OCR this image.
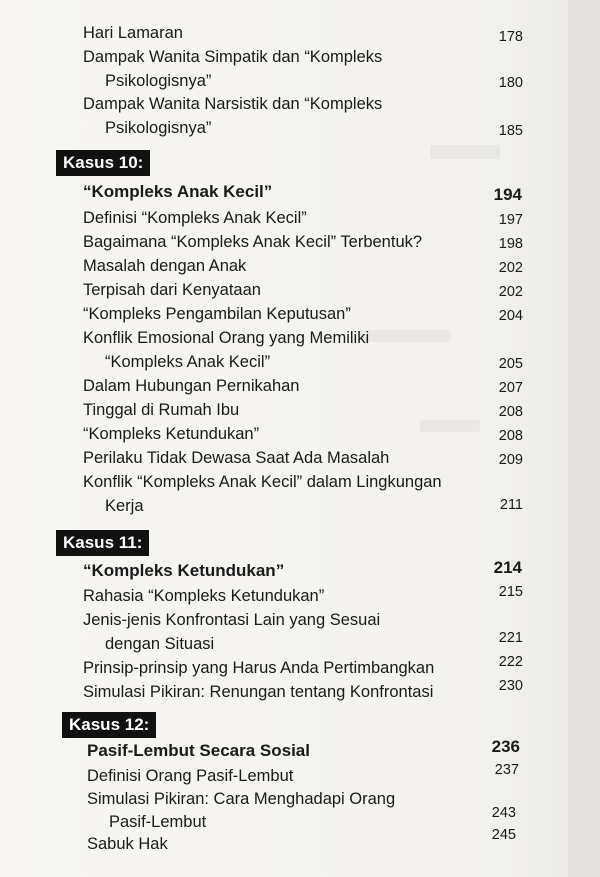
Hari Lamaran	178
Dampak Wanita Simpatik dan “Kompleks
Psikologisnya”	180
Dampak Wanita Narsistik dan “Kompleks
Psikologisnya”	185
Kasus 10:
“Kompleks Anak Kecil”	194
Definisi “Kompleks Anak Kecil”	197
Bagaimana “Kompleks Anak Kecil” Terbentuk?	198
Masalah dengan Anak	202
Terpisah dari Kenyataan	202
“Kompleks Pengambilan Keputusan”	204
Konflik Emosional Orang yang Memiliki
“Kompleks Anak Kecil”	205
Dalam Hubungan Pernikahan	207
Tinggal di Rumah Ibu	208
“Kompleks Ketundukan”	208
Perilaku Tidak Dewasa Saat Ada Masalah	209
Konflik “Kompleks Anak Kecil” dalam Lingkungan
Kerja	211
Kasus 11:
“Kompleks Ketundukan”	214
Rahasia “Kompleks Ketundukan”	215
Jenis-jenis Konfrontasi Lain yang Sesuai
dengan Situasi	221
Prinsip-prinsip yang Harus Anda Pertimbangkan	222
Simulasi Pikiran: Renungan tentang Konfrontasi	230
Kasus 12:
Pasif-Lembut Secara Sosial	236
Definisi Orang Pasif-Lembut	237
Simulasi Pikiran: Cara Menghadapi Orang
Pasif-Lembut	243
Sabuk Hak	245
